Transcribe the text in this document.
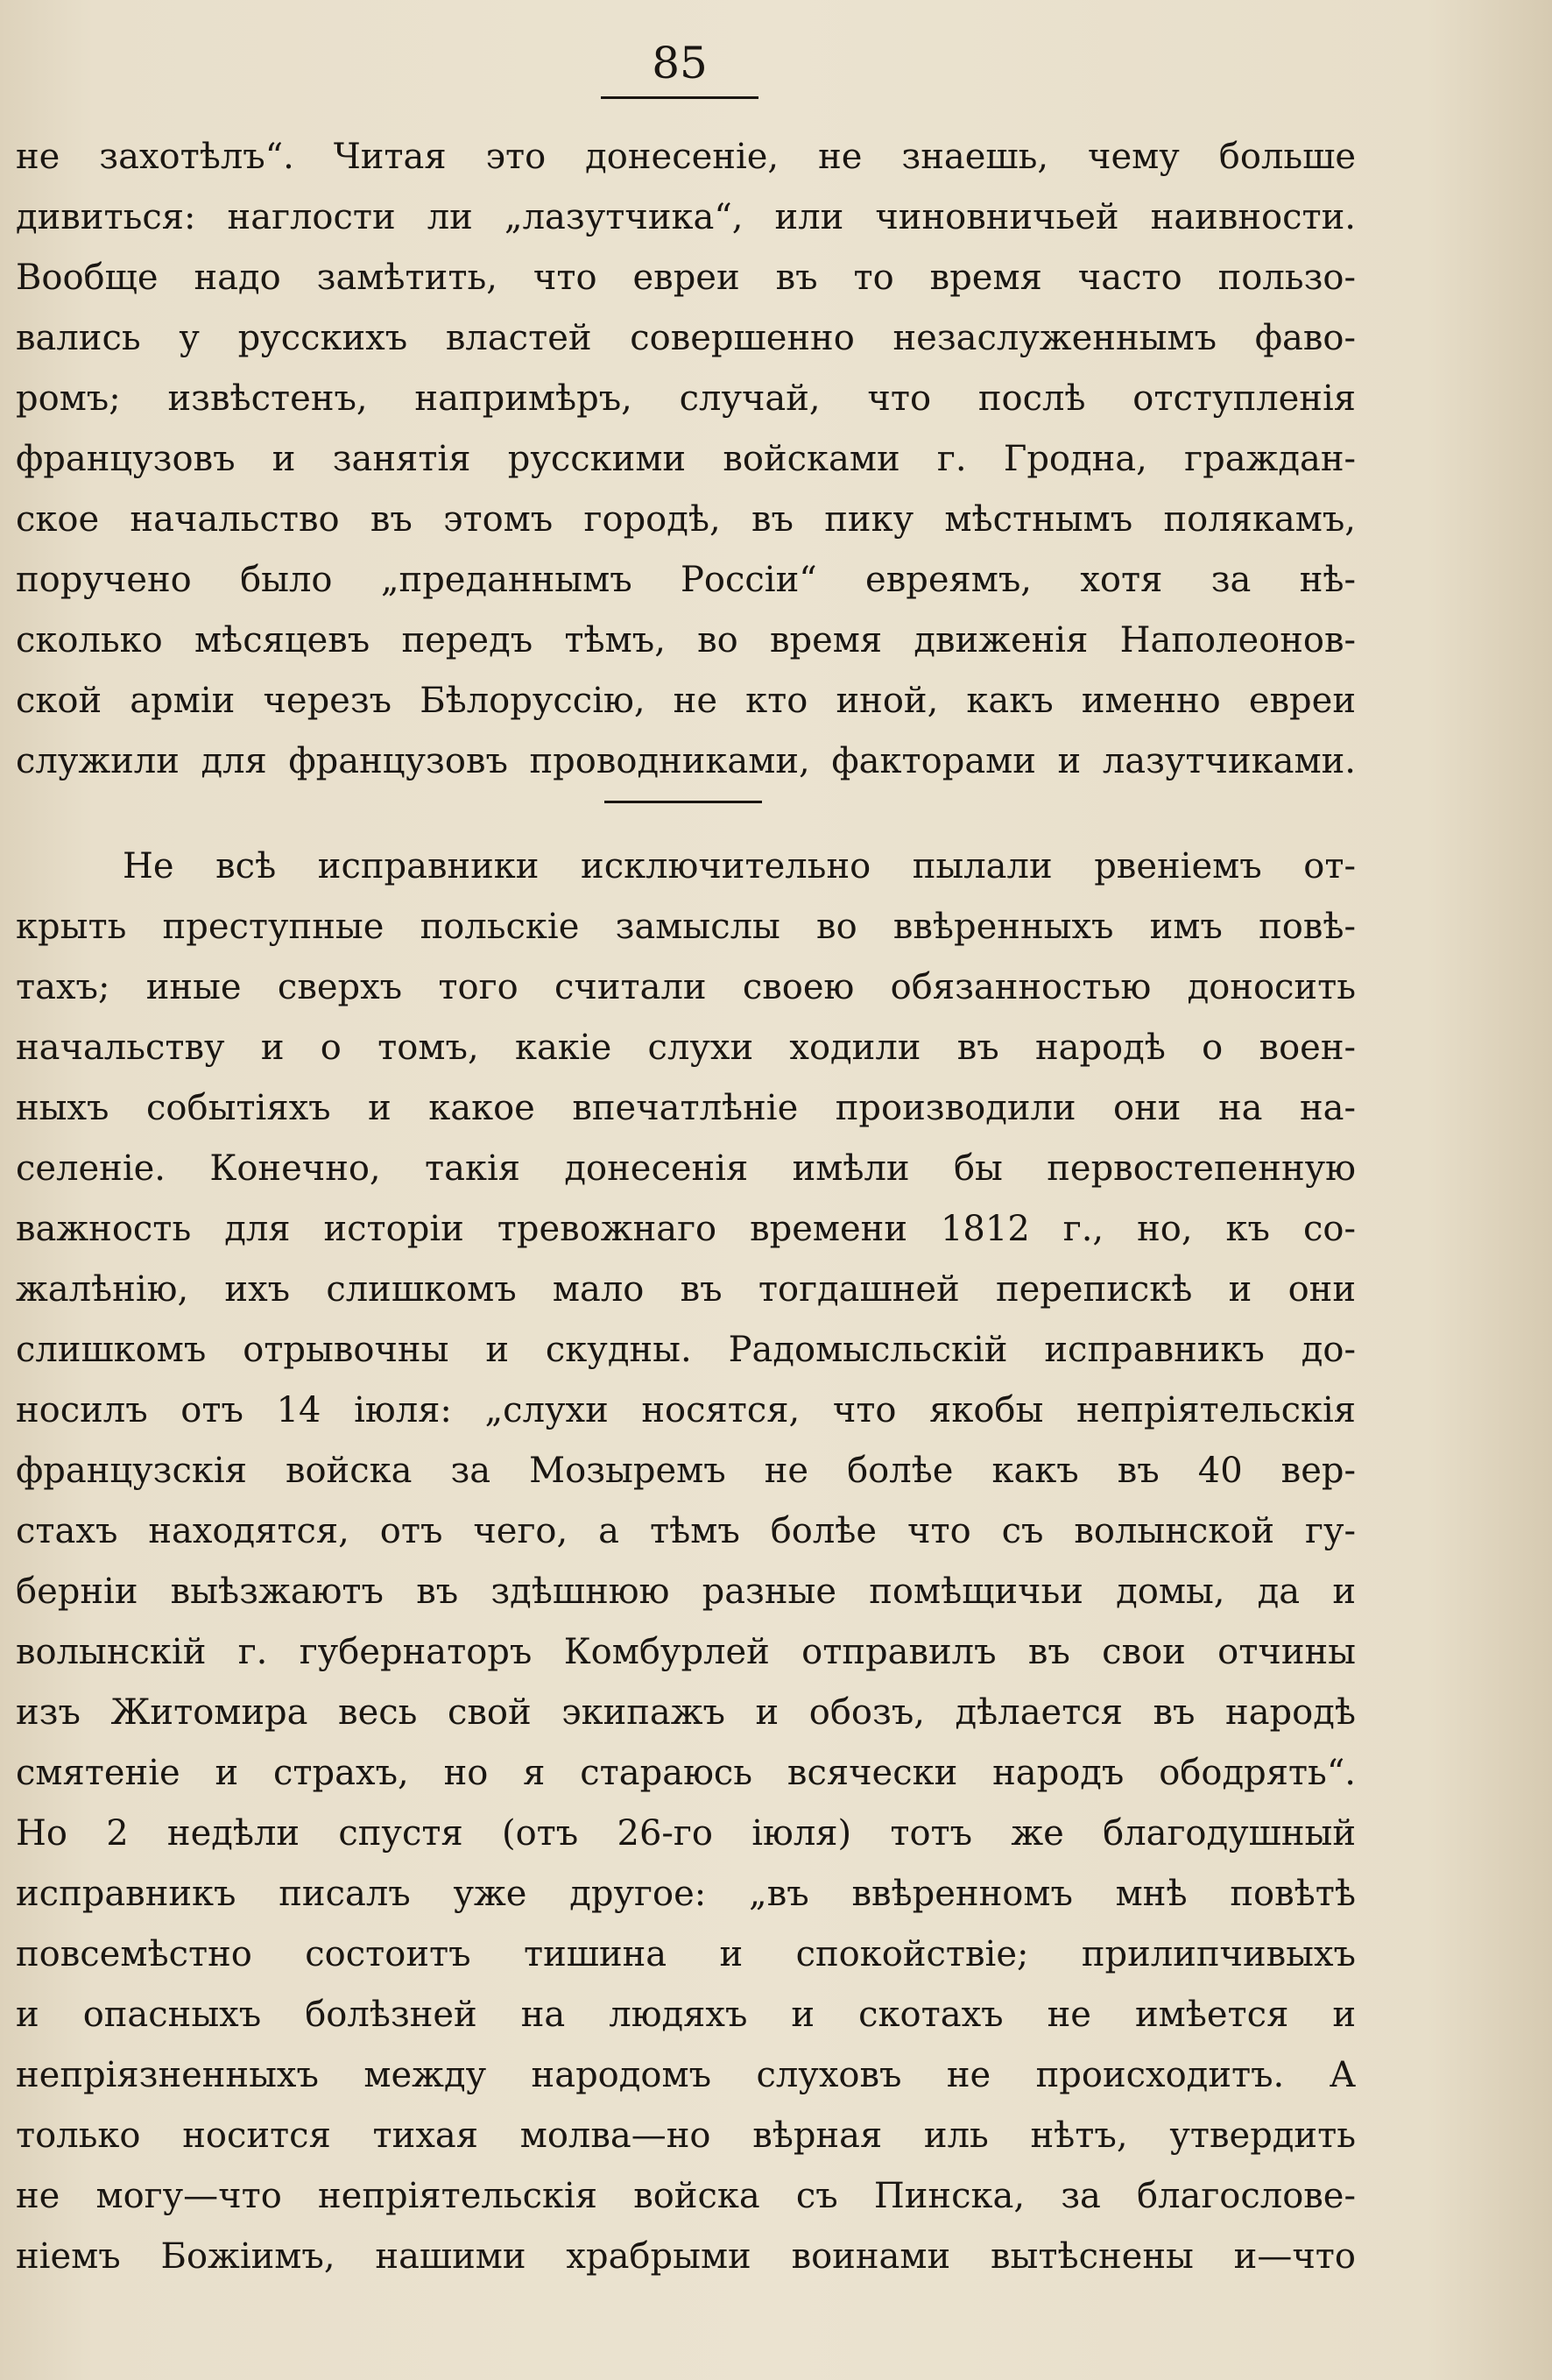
85
не захотѣлъ“. Читая это донесеніе, не знаешь, чему больше
дивиться: наглости ли „лазутчика“, или чиновничьей наивности.
Вообще надо замѣтить, что евреи въ то время часто пользо-
вались у русскихъ властей совершенно незаслуженнымъ фаво-
ромъ; извѣстенъ, напримѣръ, случай, что послѣ отступленія
французовъ и занятія русскими войсками г. Гродна, граждан-
ское начальство въ этомъ городѣ, въ пику мѣстнымъ полякамъ,
поручено было „преданнымъ Россіи“ евреямъ, хотя за нѣ-
сколько мѣсяцевъ передъ тѣмъ, во время движенія Наполеонов-
ской арміи черезъ Бѣлоруссію, не кто иной, какъ именно евреи
служили для французовъ проводниками, факторами и лазутчиками.
Не всѣ исправники исключительно пылали рвеніемъ от-
крыть преступные польскіе замыслы во ввѣренныхъ имъ повѣ-
тахъ; иные сверхъ того считали своею обязанностью доносить
начальству и о томъ, какіе слухи ходили въ народѣ о воен-
ныхъ событіяхъ и какое впечатлѣніе производили они на на-
селеніе. Конечно, такія донесенія имѣли бы первостепенную
важность для исторіи тревожнаго времени 1812 г., но, къ со-
жалѣнію, ихъ слишкомъ мало въ тогдашней перепискѣ и они
слишкомъ отрывочны и скудны. Радомысльскій исправникъ до-
носилъ отъ 14 іюля: „слухи носятся, что якобы непріятельскія
французскія войска за Мозыремъ не болѣе какъ въ 40 вер-
стахъ находятся, отъ чего, а тѣмъ болѣе что съ волынской гу-
берніи выѣзжаютъ въ здѣшнюю разные помѣщичьи домы, да и
волынскій г. губернаторъ Комбурлей отправилъ въ свои отчины
изъ Житомира весь свой экипажъ и обозъ, дѣлается въ народѣ
смятеніе и страхъ, но я стараюсь всячески народъ ободрять“.
Но 2 недѣли спустя (отъ 26-го іюля) тотъ же благодушный
исправникъ писалъ уже другое: „въ ввѣренномъ мнѣ повѣтѣ
повсемѣстно состоитъ тишина и спокойствіе; прилипчивыхъ
и опасныхъ болѣзней на людяхъ и скотахъ не имѣется и
непріязненныхъ между народомъ слуховъ не происходитъ. А
только носится тихая молва—но вѣрная иль нѣтъ, утвердить
не могу—что непріятельскія войска съ Пинска, за благослове-
ніемъ Божіимъ, нашими храбрыми воинами вытѣснены и—что
